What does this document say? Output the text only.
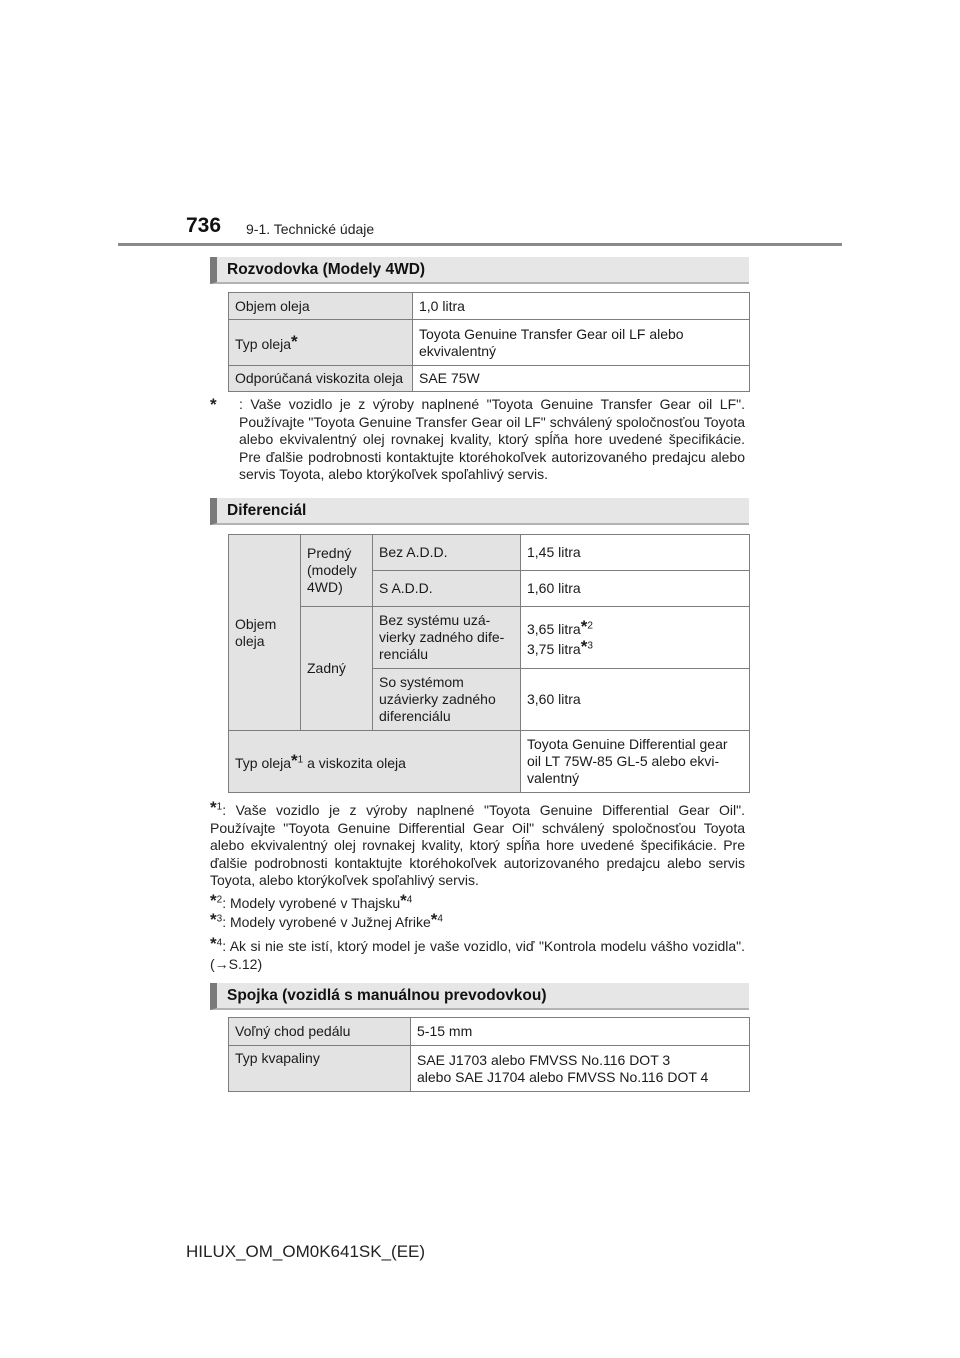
736 9-1. Technické údaje
Rozvodovka (Modely 4WD)
Objem oleja	1,0 litra
Typ oleja*	Toyota Genuine Transfer Gear oil LF alebo ekvivalentný
Odporúčaná viskozita oleja	SAE 75W
*	: Vaše vozidlo je z výroby naplnené "Toyota Genuine Transfer Gear oil LF". Používajte "Toyota Genuine Transfer Gear oil LF" schválený spoločnosťou Toyota alebo ekvivalentný olej rovnakej kvality, ktorý spĺňa hore uvedené špecifikácie. Pre ďalšie podrobnosti kontaktujte ktoréhokoľvek autorizovaného predajcu alebo servis Toyota, alebo ktorýkoľvek spoľahlivý servis.
Diferenciál
Objem oleja	Predný (modely 4WD)	Bez A.D.D.	1,45 litra
		S A.D.D.	1,60 litra
	Zadný	Bez systému uzávierky zadného diferenciálu	3,65 litra*$^2$
3,75 litra*$^3$
		So systémom uzávierky zadného diferenciálu	3,60 litra
Typ oleja*$^1$ a viskozita oleja			Toyota Genuine Differential gear oil LT 75W-85 GL-5 alebo ekvivalentný
*$^1$: Vaše vozidlo je z výroby naplnené "Toyota Genuine Differential Gear Oil". Používajte "Toyota Genuine Differential Gear Oil" schválený spoločnosťou Toyota alebo ekvivalentný olej rovnakej kvality, ktorý spĺňa hore uvedené špecifikácie. Pre ďalšie podrobnosti kontaktujte ktoréhokoľvek autorizovaného predajcu alebo servis Toyota, alebo ktorýkoľvek spoľahlivý servis.
*$^2$: Modely vyrobené v Thajsku*$^4$
*$^3$: Modely vyrobené v Južnej Afrike*$^4$
*$^4$: Ak si nie ste istí, ktorý model je vaše vozidlo, viď "Kontrola modelu vášho vozidla". (→S.12)
Spojka (vozidlá s manuálnou prevodovkou)
Voľný chod pedálu	5-15 mm
Typ kvapaliny	SAE J1703 alebo FMVSS No.116 DOT 3
alebo SAE J1704 alebo FMVSS No.116 DOT 4
HILUX_OM_OM0K641SK_(EE)
